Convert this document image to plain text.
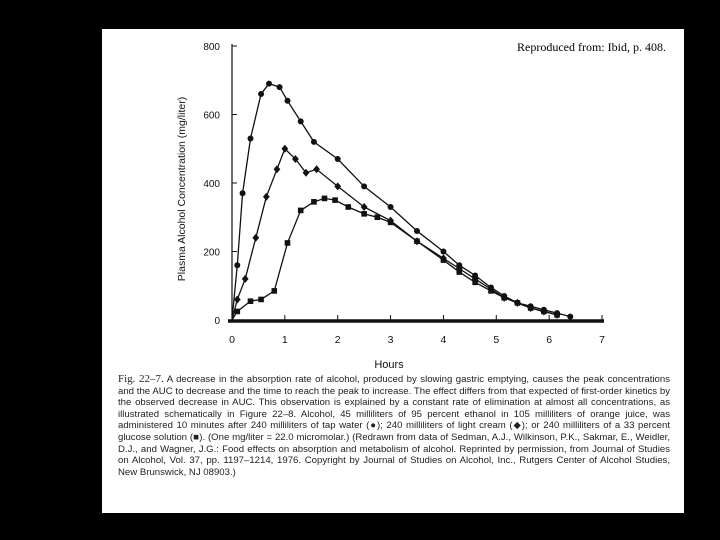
Reproduced from: Ibid, p. 408.
0
200
400
600
800
0	1	2	3	4	5	6	7
Plasma Alcohol Concentration (mg/liter)
Hours
Fig. 22–7. A decrease in the absorption rate of alcohol, produced by slowing gastric emptying, causes the peak concentrations and the AUC to decrease and the time to reach the peak to increase. The effect differs from that expected of first-order kinetics by the observed decrease in AUC. This observation is explained by a constant rate of elimination at almost all concentrations, as illustrated schematically in Figure 22–8. Alcohol, 45 milliliters of 95 percent ethanol in 105 milliliters of orange juice, was administered 10 minutes after 240 milliliters of tap water (●); 240 milliliters of light cream (◆); or 240 milliliters of a 33 percent glucose solution (■). (One mg/liter = 22.0 micromolar.) (Redrawn from data of Sedman, A.J., Wilkinson, P.K., Sakmar, E., Weidler, D.J., and Wagner, J.G.: Food effects on absorption and metabolism of alcohol. Reprinted by permission, from Journal of Studies on Alcohol, Vol. 37, pp. 1197–1214, 1976. Copyright by Journal of Studies on Alcohol, Inc., Rutgers Center of Alcohol Studies, New Brunswick, NJ 08903.)
